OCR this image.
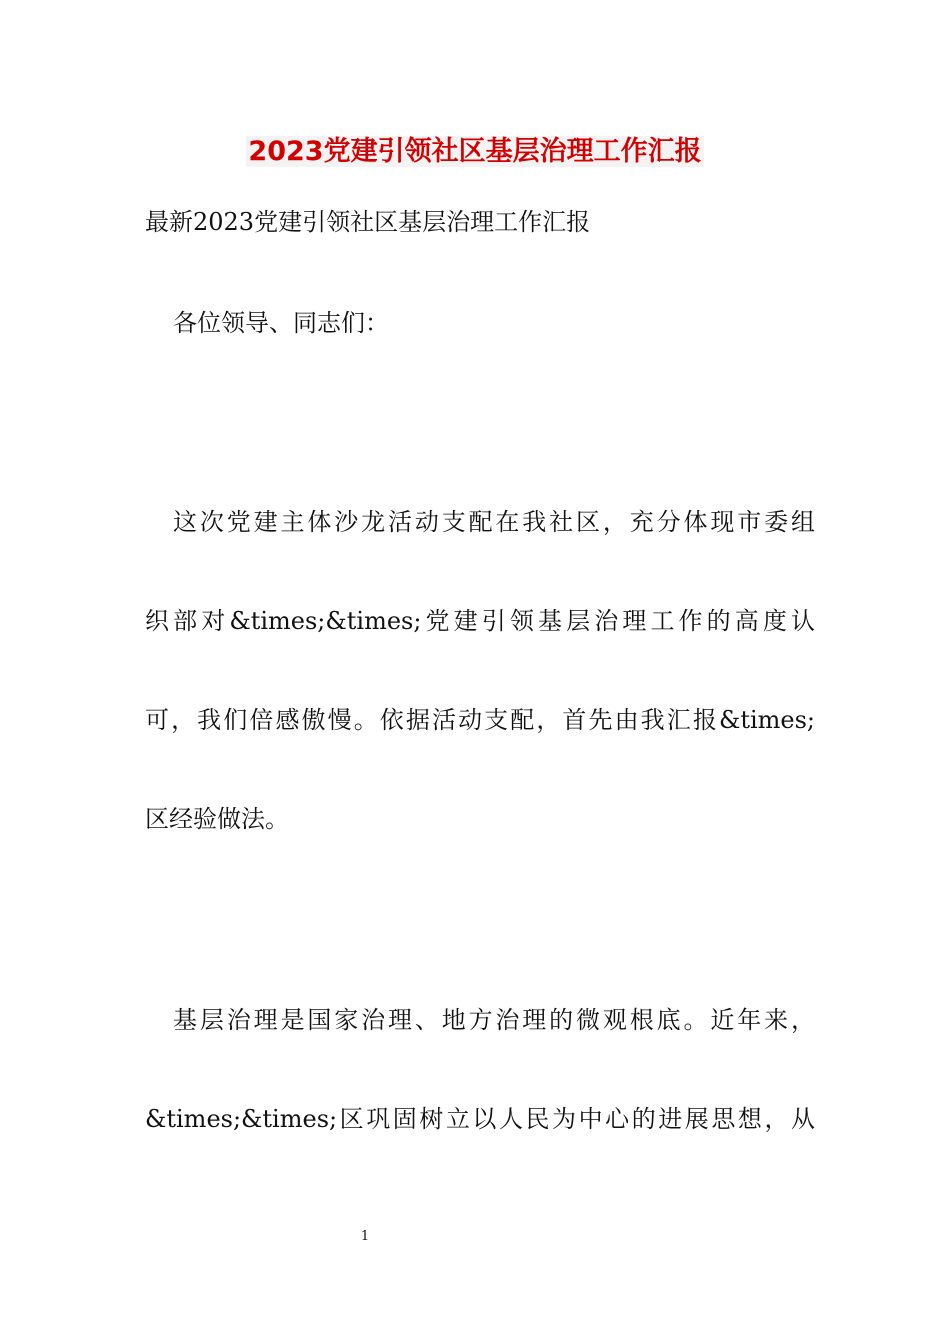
2023党建引领社区基层治理工作汇报

最新2023党建引领社区基层治理工作汇报

各位领导、同志们：

这次党建主体沙龙活动支配在我社区，充分体现市委组

织部对&times;&times;党建引领基层治理工作的高度认

可，我们倍感傲慢。依据活动支配，首先由我汇报&times;

区经验做法。

基层治理是国家治理、地方治理的微观根底。近年来，

&times;&times;区巩固树立以人民为中心的进展思想，从

1
